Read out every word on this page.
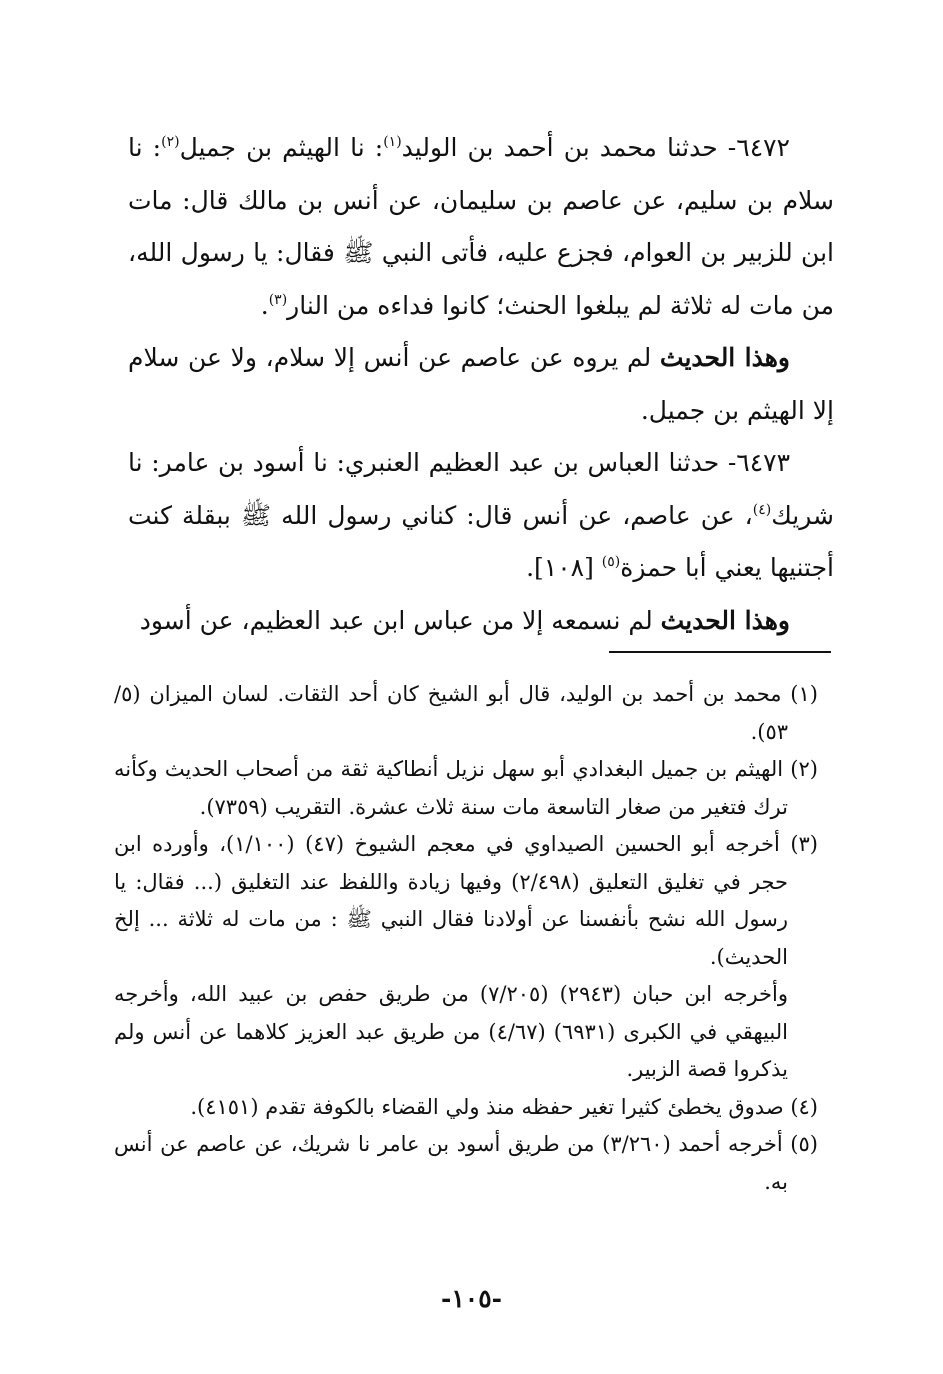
٦٤٧٢- حدثنا محمد بن أحمد بن الوليد$^{(١)}$: نا الهيثم بن جميل$^{(٢)}$: نا سلام بن سليم، عن عاصم بن سليمان، عن أنس بن مالك قال: مات ابن للزبير بن العوام، فجزع عليه، فأتى النبي ﷺ فقال: يا رسول الله، من مات له ثلاثة لم يبلغوا الحنث؛ كانوا فداءه من النار$^{(٣)}$.

وهذا الحديث لم يروه عن عاصم عن أنس إلا سلام، ولا عن سلام إلا الهيثم بن جميل.

٦٤٧٣- حدثنا العباس بن عبد العظيم العنبري: نا أسود بن عامر: نا شريك$^{(٤)}$، عن عاصم، عن أنس قال: كناني رسول الله ﷺ ببقلة كنت أجتنيها يعني أبا حمزة$^{(٥)}$ [١٠٨].

وهذا الحديث لم نسمعه إلا من عباس ابن عبد العظيم، عن أسود

(١) محمد بن أحمد بن الوليد، قال أبو الشيخ كان أحد الثقات. لسان الميزان (٥/ ٥٣).

(٢) الهيثم بن جميل البغدادي أبو سهل نزيل أنطاكية ثقة من أصحاب الحديث وكأنه ترك فتغير من صغار التاسعة مات سنة ثلاث عشرة. التقريب (٧٣٥٩).

(٣) أخرجه أبو الحسين الصيداوي في معجم الشيوخ (٤٧) (١/١٠٠)، وأورده ابن حجر في تغليق التعليق (٢/٤٩٨) وفيها زيادة واللفظ عند التغليق (... فقال: يا رسول الله نشح بأنفسنا عن أولادنا فقال النبي ﷺ : من مات له ثلاثة ... إلخ الحديث).

وأخرجه ابن حبان (٢٩٤٣) (٧/٢٠٥) من طريق حفص بن عبيد الله، وأخرجه البيهقي في الكبرى (٦٩٣١) (٤/٦٧) من طريق عبد العزيز كلاهما عن أنس ولم يذكروا قصة الزبير.

(٤) صدوق يخطئ كثيرا تغير حفظه منذ ولي القضاء بالكوفة تقدم (٤١٥١).

(٥) أخرجه أحمد (٣/٢٦٠) من طريق أسود بن عامر نا شريك، عن عاصم عن أنس به.

-١٠٥-
